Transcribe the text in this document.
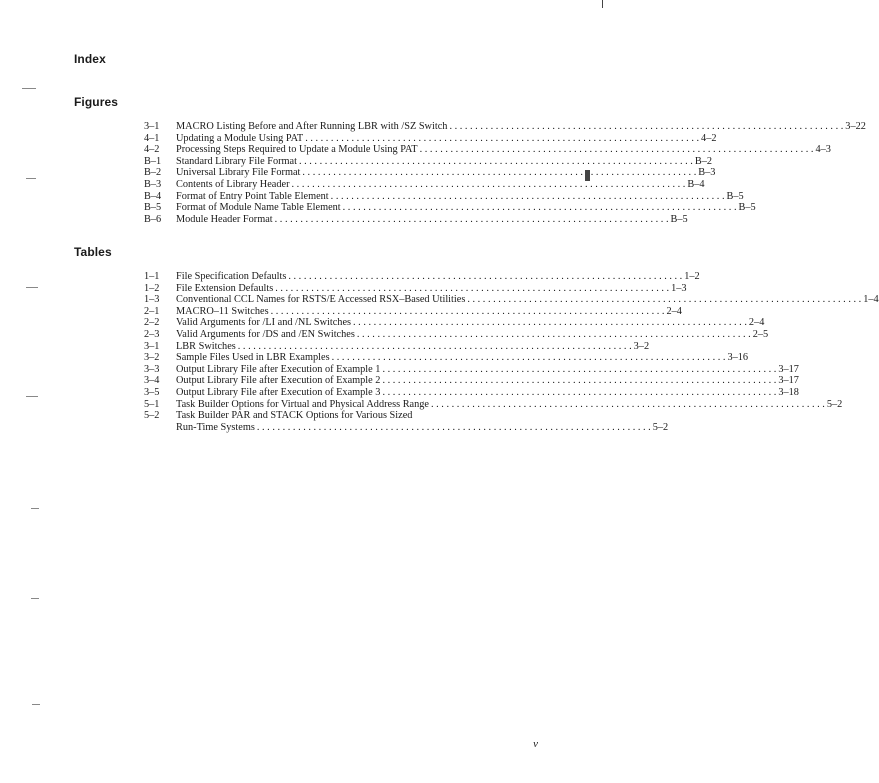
Index
Figures
Tables
3–1	MACRO Listing Before and After Running LBR with /SZ Switch . . .	3–22
4–1	Updating a Module Using PAT . . .	4–2
4–2	Processing Steps Required to Update a Module Using PAT . . .	4–3
B–1	Standard Library File Format . . .	B–2
B–2	Universal Library File Format . . .	B–3
B–3	Contents of Library Header . . .	B–4
B–4	Format of Entry Point Table Element . . .	B–5
B–5	Format of Module Name Table Element . . .	B–5
B–6	Module Header Format . . .	B–5
1–1	File Specification Defaults . . .	1–2
1–2	File Extension Defaults . . .	1–3
1–3	Conventional CCL Names for RSTS/E Accessed RSX–Based Utilities . . .	1–4
2–1	MACRO–11 Switches . . .	2–4
2–2	Valid Arguments for /LI and /NL Switches . . .	2–4
2–3	Valid Arguments for /DS and /EN Switches . . .	2–5
3–1	LBR Switches . . .	3–2
3–2	Sample Files Used in LBR Examples . . .	3–16
3–3	Output Library File after Execution of Example 1 . . .	3–17
3–4	Output Library File after Execution of Example 2 . . .	3–17
3–5	Output Library File after Execution of Example 3 . . .	3–18
5–1	Task Builder Options for Virtual and Physical Address Range . . .	5–2
5–2	Task Builder PAR and STACK Options for Various Sized
Run-Time Systems . . .	5–2
v
